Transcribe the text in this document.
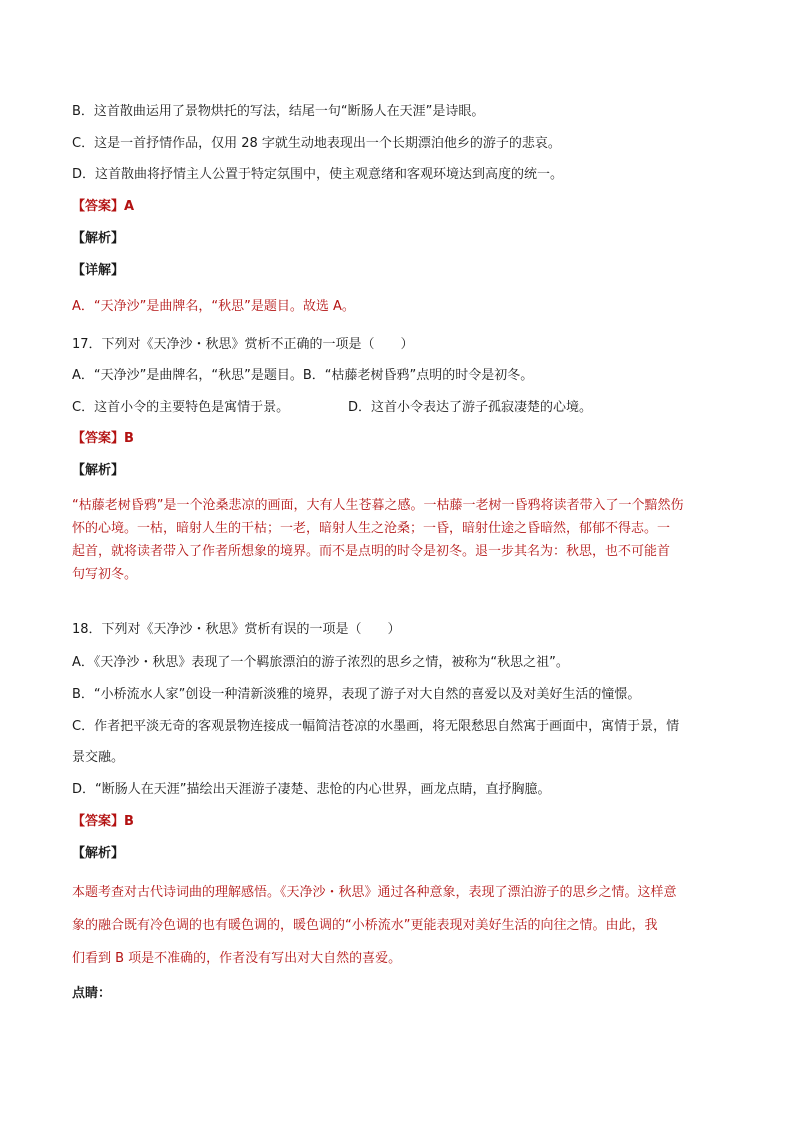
B．这首散曲运用了景物烘托的写法，结尾一句“断肠人在天涯”是诗眼。
C．这是一首抒情作品，仅用 28 字就生动地表现出一个长期漂泊他乡的游子的悲哀。
D．这首散曲将抒情主人公置于特定氛围中，使主观意绪和客观环境达到高度的统一。
【答案】A
【解析】
【详解】
A．“天净沙”是曲牌名，“秋思”是题目。故选 A。
17．下列对《天净沙・秋思》赏析不正确的一项是（　　）
A．“天净沙”是曲牌名，“秋思”是题目。B．“枯藤老树昏鸦”点明的时令是初冬。
C．这首小令的主要特色是寓情于景。	D．这首小令表达了游子孤寂凄楚的心境。
【答案】B
【解析】
“枯藤老树昏鸦”是一个沧桑悲凉的画面，大有人生苍暮之感。一枯藤一老树一昏鸦将读者带入了一个黯然伤
怀的心境。一枯，暗射人生的干枯；一老，暗射人生之沧桑；一昏，暗射仕途之昏暗然，郁郁不得志。一
起首，就将读者带入了作者所想象的境界。而不是点明的时令是初冬。退一步其名为：秋思，也不可能首
句写初冬。
18．下列对《天净沙・秋思》赏析有误的一项是（　　）
A．《天净沙・秋思》表现了一个羁旅漂泊的游子浓烈的思乡之情，被称为“秋思之祖”。
B．“小桥流水人家”创设一种清新淡雅的境界，表现了游子对大自然的喜爱以及对美好生活的憧憬。
C．作者把平淡无奇的客观景物连接成一幅简洁苍凉的水墨画，将无限愁思自然寓于画面中，寓情于景，情
景交融。
D．“断肠人在天涯”描绘出天涯游子凄楚、悲怆的内心世界，画龙点睛，直抒胸臆。
【答案】B
【解析】
本题考查对古代诗词曲的理解感悟。《天净沙・秋思》通过各种意象，表现了漂泊游子的思乡之情。这样意
象的融合既有冷色调的也有暖色调的，暖色调的“小桥流水”更能表现对美好生活的向往之情。由此，我
们看到 B 项是不准确的，作者没有写出对大自然的喜爱。
点睛：
